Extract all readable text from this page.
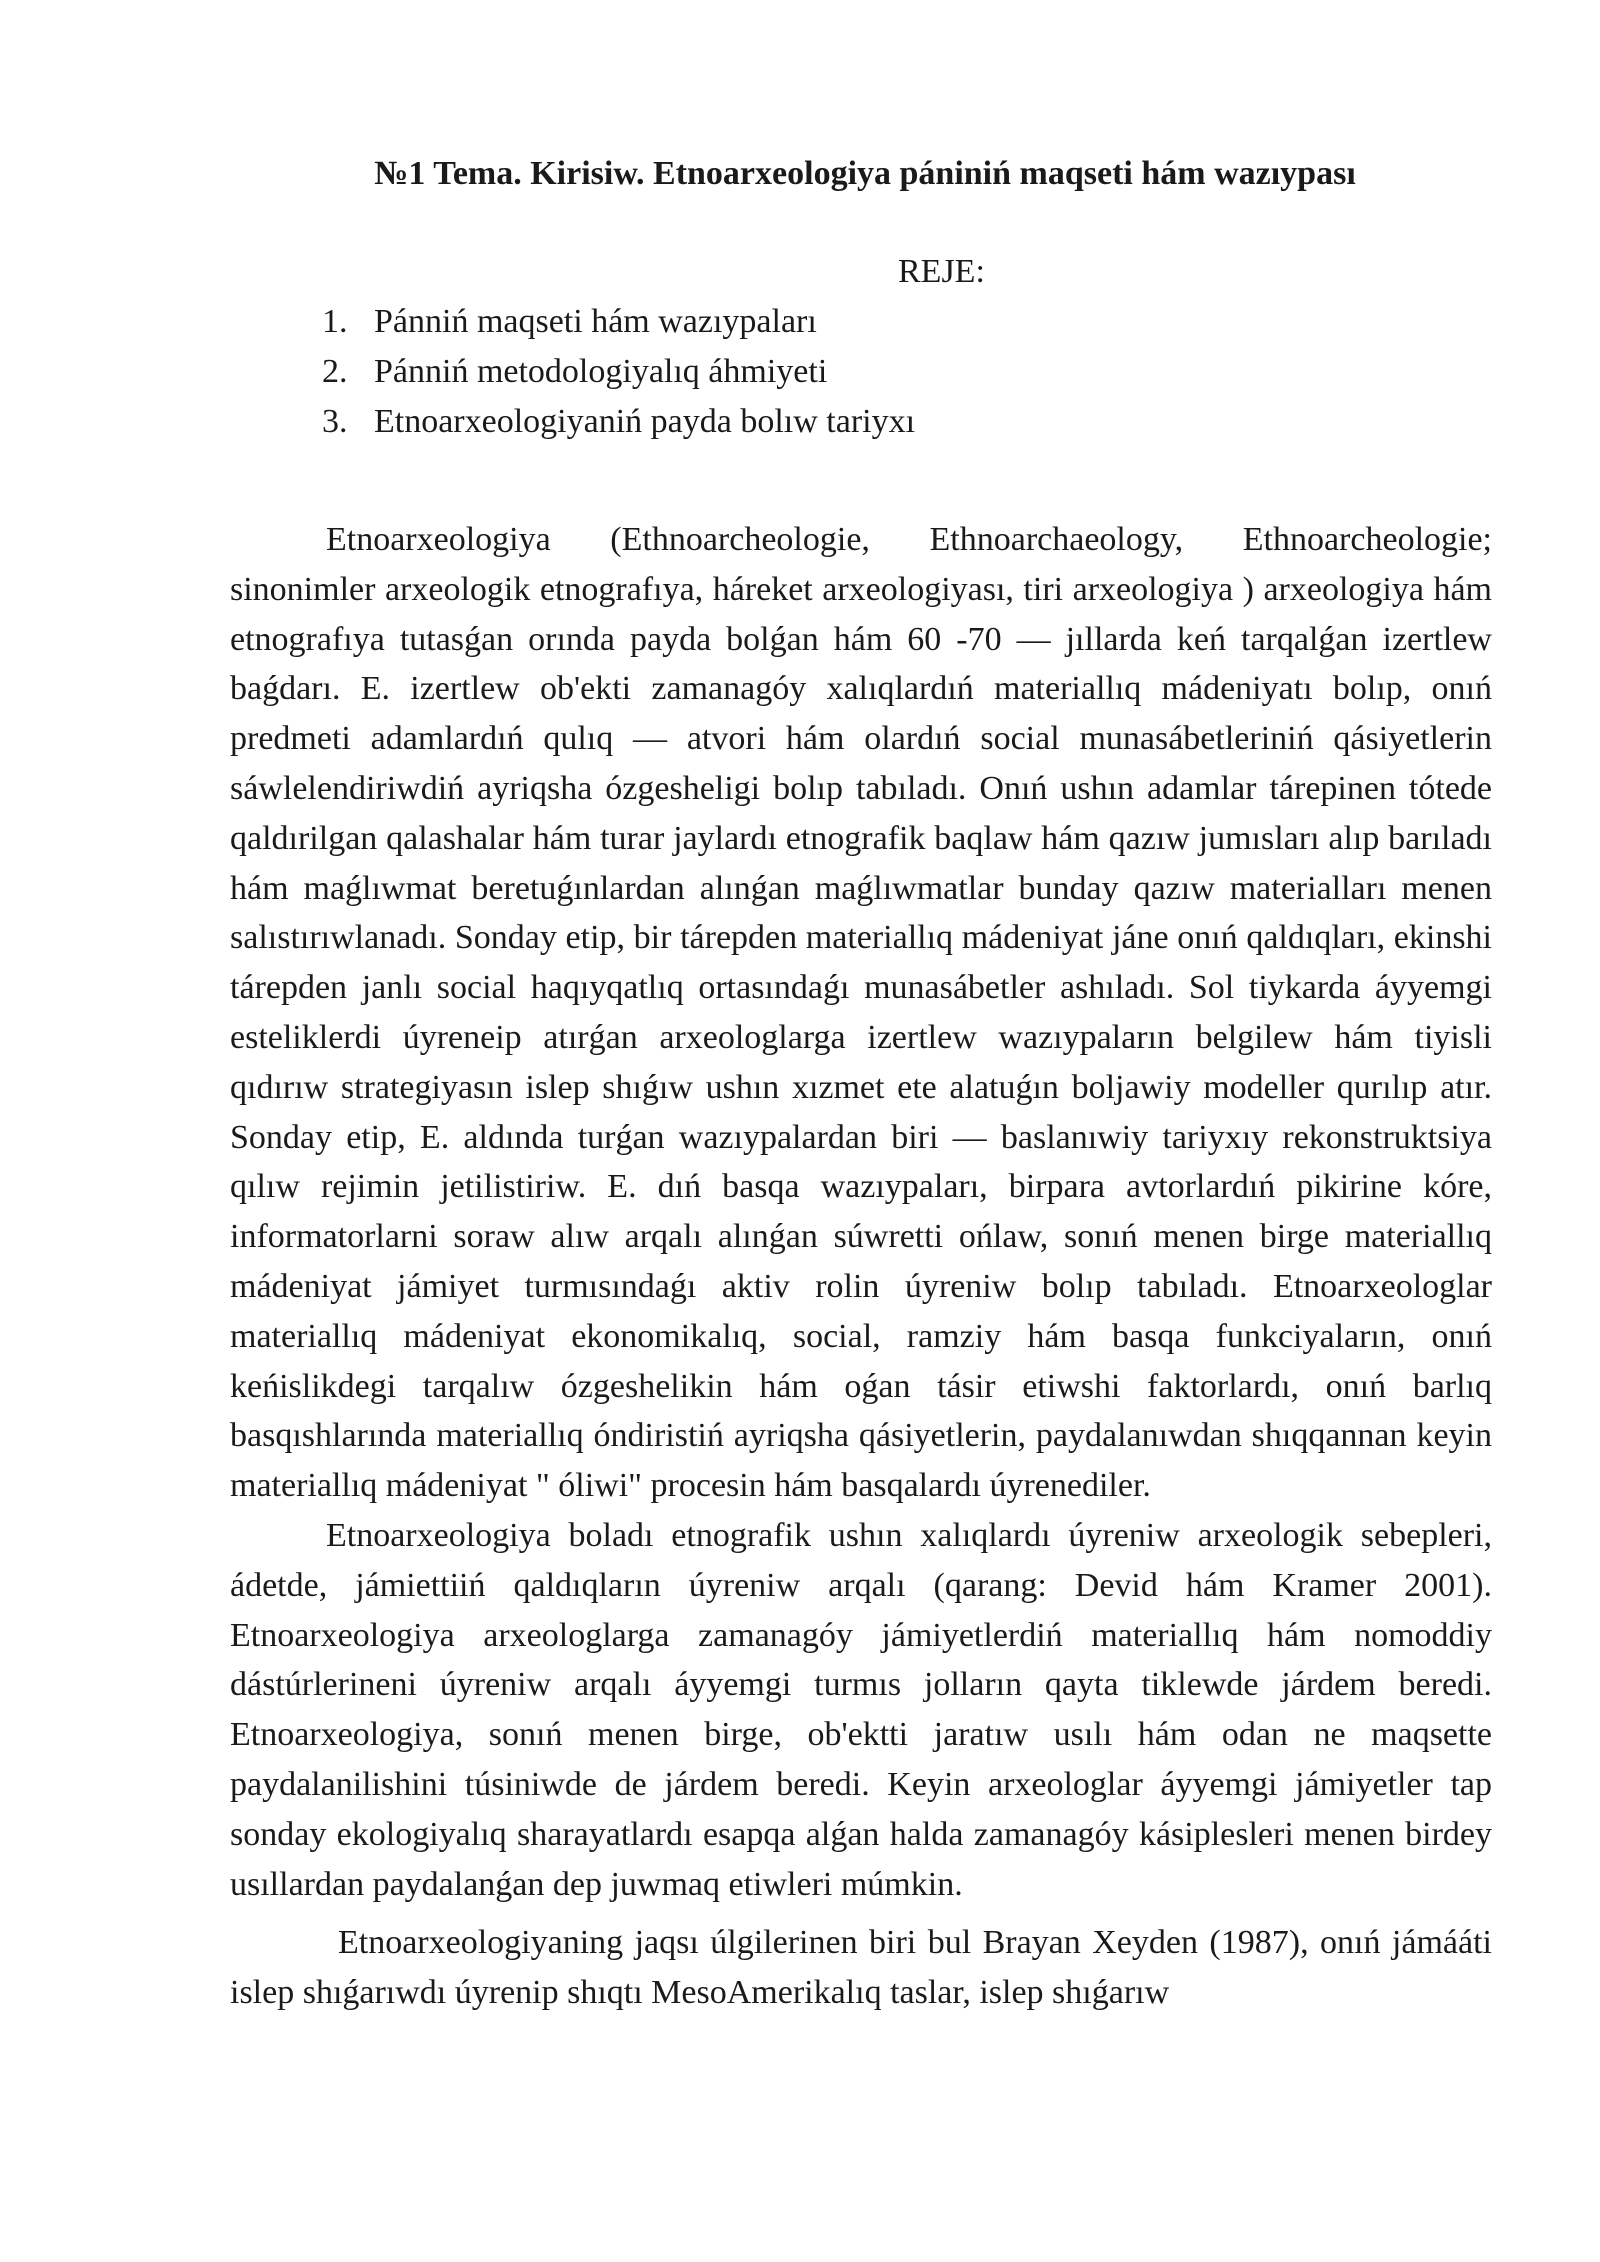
№1 Tema. Kirisiw. Etnoarxeologiya pániniń maqseti hám wazıypası
REJE:
1. Pánniń maqseti hám wazıypaları
2. Pánniń metodologiyalıq áhmiyeti
3. Etnoarxeologiyaniń payda bolıw tariyxı

Etnoarxeologiya (Ethnoarcheologie, Ethnoarchaeology, Ethnoarcheologie; sinonimler arxeologik etnografıya, háreket arxeologiyası, tiri arxeologiya ) arxeologiya hám etnografıya tutasǵan orında payda bolǵan hám 60 -70 — jıllarda keń tarqalǵan izertlew baǵdarı. E. izertlew ob'ekti zamanagóy xalıqlardıń materiallıq mádeniyatı bolıp, onıń predmeti adamlardıń qulıq — atvori hám olardıń social munasábetleriniń qásiyetlerin sáwlelendiriwdiń ayriqsha ózgesheligi bolıp tabıladı. Onıń ushın adamlar tárepinen tótede qaldırilgan qalashalar hám turar jaylardı etnografik baqlaw hám qazıw jumısları alıp barıladı hám maǵlıwmat beretuǵınlardan alınǵan maǵlıwmatlar bunday qazıw materialları menen salıstırıwlanadı. Sonday etip, bir tárepden materiallıq mádeniyat jáne onıń qaldıqları, ekinshi tárepden janlı social haqıyqatlıq ortasındaǵı munasábetler ashıladı. Sol tiykarda áyyemgi esteliklerdi úyreneip atırǵan arxeologlarga izertlew wazıypaların belgilew hám tiyisli qıdırıw strategiyasın islep shıǵıw ushın xızmet ete alatuǵın boljawiy modeller qurılıp atır. Sonday etip, E. aldında turǵan wazıypalardan biri — baslanıwiy tariyxıy rekonstruktsiya qılıw rejimin jetilistiriw. E. dıń basqa wazıypaları, birpara avtorlardıń pikirine kóre, informatorlarni soraw alıw arqalı alınǵan súwretti ońlaw, sonıń menen birge materiallıq mádeniyat jámiyet turmısındaǵı aktiv rolin úyreniw bolıp tabıladı. Etnoarxeologlar materiallıq mádeniyat ekonomikalıq, social, ramziy hám basqa funkciyaların, onıń keńislikdegi tarqalıw ózgeshelikin hám oǵan tásir etiwshi faktorlardı, onıń barlıq basqıshlarında materiallıq óndiristiń ayriqsha qásiyetlerin, paydalanıwdan shıqqannan keyin materiallıq mádeniyat " óliwi" procesin hám basqalardı úyrenediler.

Etnoarxeologiya boladı etnografik ushın xalıqlardı úyreniw arxeologik sebepleri, ádetde, jámiettiiń qaldıqların úyreniw arqalı (qarang: Devid hám Kramer 2001). Etnoarxeologiya arxeologlarga zamanagóy jámiyetlerdiń materiallıq hám nomoddiy dástúrlerineni úyreniw arqalı áyyemgi turmıs jolların qayta tiklewde járdem beredi. Etnoarxeologiya, sonıń menen birge, ob'ektti jaratıw usılı hám odan ne maqsette paydalanilishini túsiniwde de járdem beredi. Keyin arxeologlar áyyemgi jámiyetler tap sonday ekologiyalıq sharayatlardı esapqa alǵan halda zamanagóy kásiplesleri menen birdey usıllardan paydalanǵan dep juwmaq etiwleri múmkin.

Etnoarxeologiyaning jaqsı úlgilerinen biri bul Brayan Xeyden (1987), onıń jámááti islep shıǵarıwdı úyrenip shıqtı MesoAmerikalıq taslar, islep shıǵarıw
